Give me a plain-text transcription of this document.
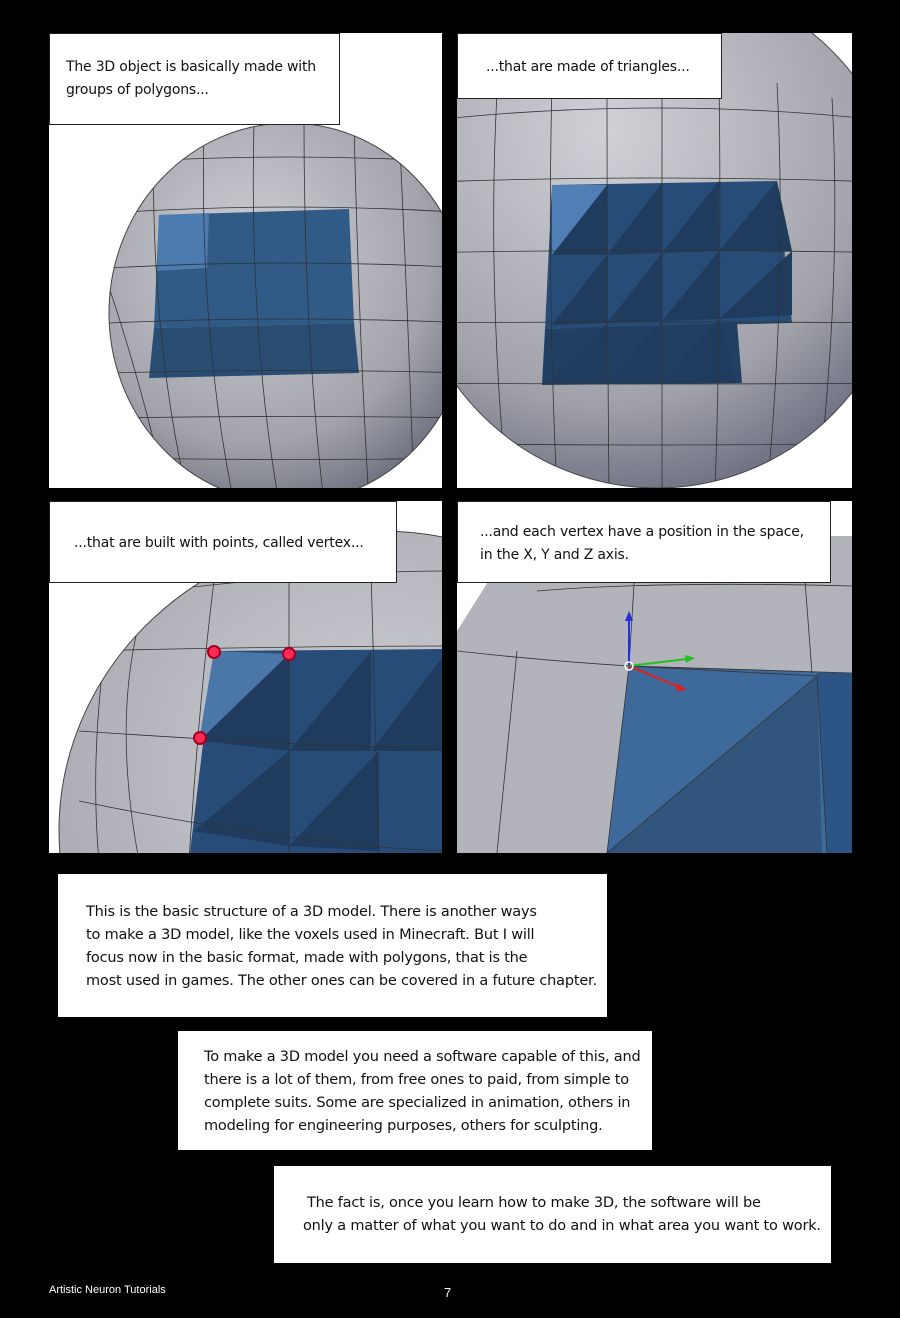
The 3D object is basically made with
groups of polygons...
...that are made of triangles...
...that are built with points, called vertex...
...and each vertex have a position in the space,
in the X, Y and Z axis.
This is the basic structure of a 3D model. There is another ways
to make a 3D model, like the voxels used in Minecraft. But I will
focus now in the basic format, made with polygons, that is the
most used in games. The other ones can be covered in a future chapter.
To make a 3D model you need a software capable of this, and
there is a lot of them, from free ones to paid, from simple to
complete suits. Some are specialized in animation, others in
modeling for engineering purposes, others for sculpting.
The fact is, once you learn how to make 3D, the software will be
only a matter of what you want to do and in what area you want to work.
Artistic Neuron Tutorials	7
